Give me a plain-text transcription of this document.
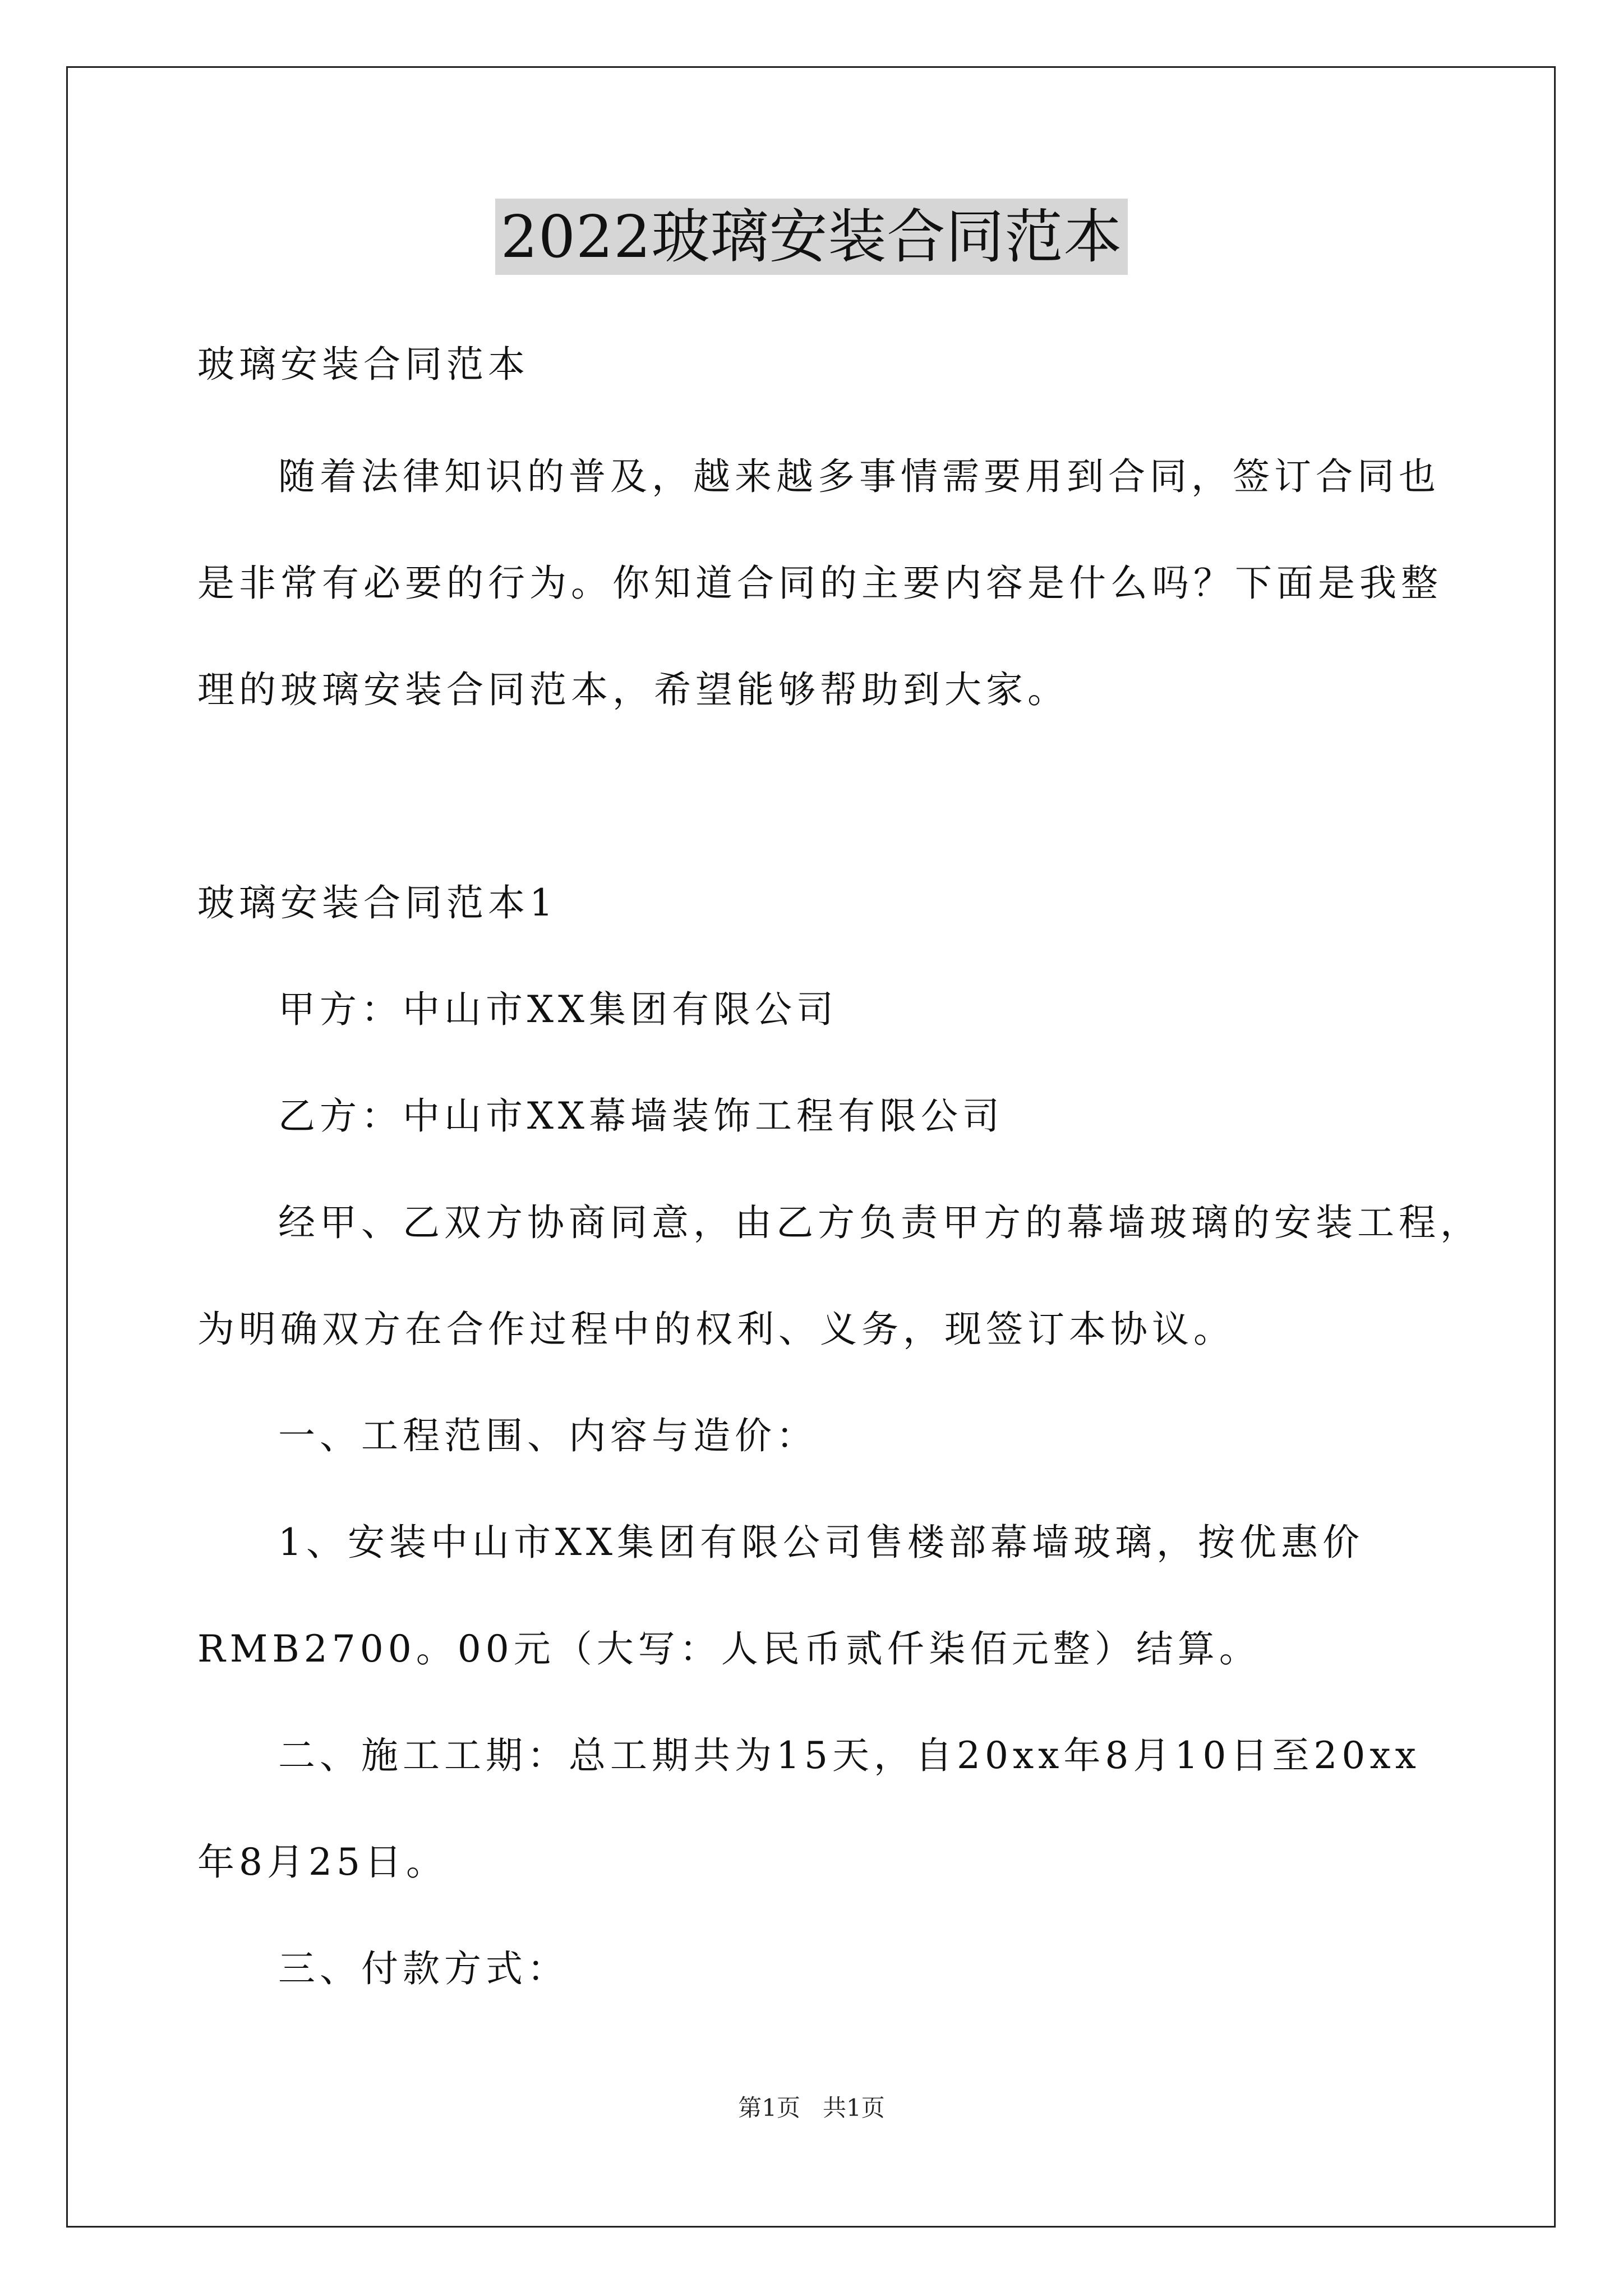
2022玻璃安装合同范本
玻璃安装合同范本
随着法律知识的普及，越来越多事情需要用到合同，签订合同也
是非常有必要的行为。你知道合同的主要内容是什么吗？下面是我整
理的玻璃安装合同范本，希望能够帮助到大家。
玻璃安装合同范本1
甲方：中山市XX集团有限公司
乙方：中山市XX幕墙装饰工程有限公司
经甲、乙双方协商同意，由乙方负责甲方的幕墙玻璃的安装工程，
为明确双方在合作过程中的权利、义务，现签订本协议。
一、工程范围、内容与造价：
1、安装中山市XX集团有限公司售楼部幕墙玻璃，按优惠价
RMB2700。00元（大写：人民币贰仟柒佰元整）结算。
二、施工工期：总工期共为15天，自20xx年8月10日至20xx
年8月25日。
三、付款方式：
第1页   共1页
